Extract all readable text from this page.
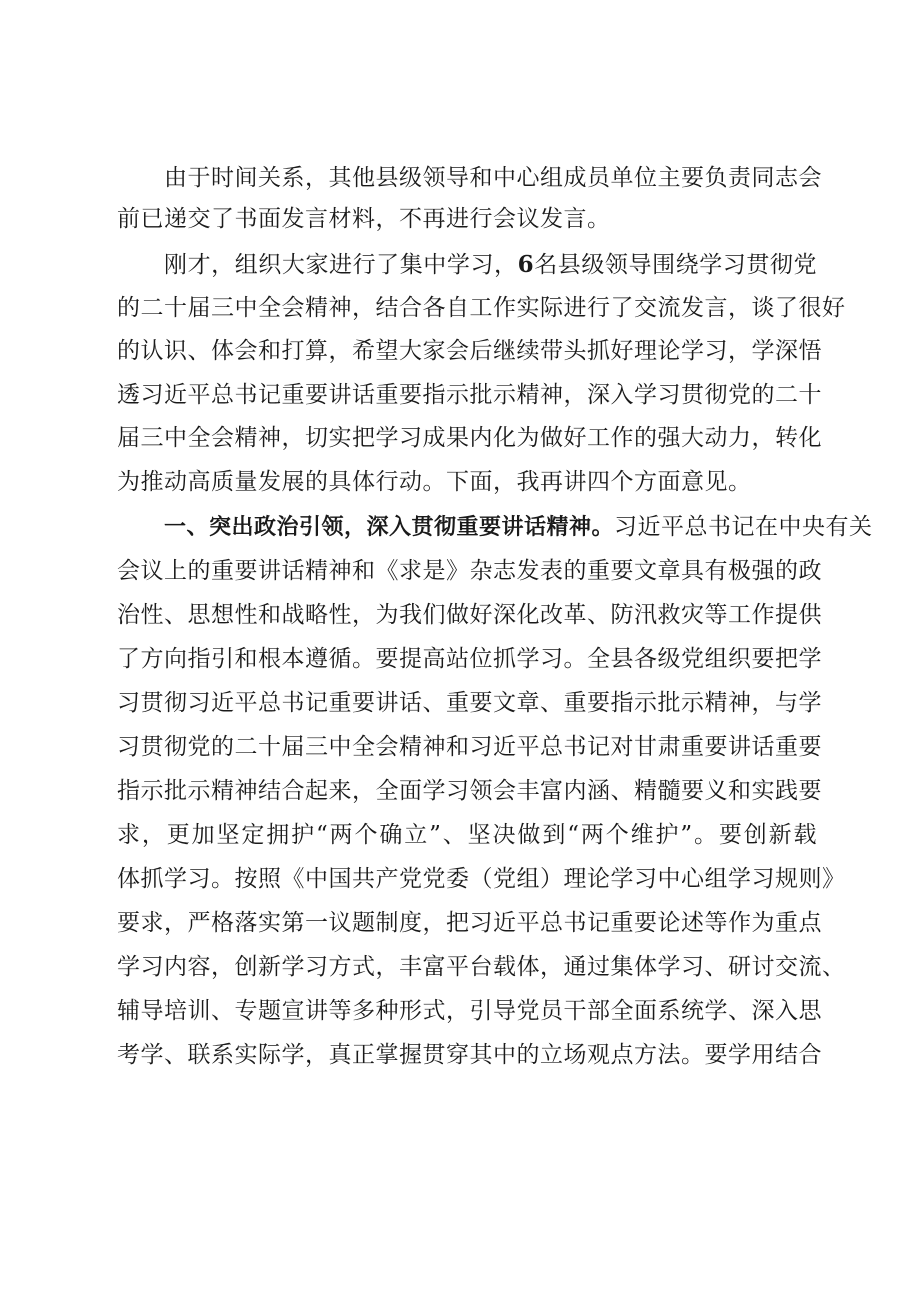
由于时间关系，其他县级领导和中心组成员单位主要负责同志会
前已递交了书面发言材料，不再进行会议发言。
刚才，组织大家进行了集中学习，6名县级领导围绕学习贯彻党
的二十届三中全会精神，结合各自工作实际进行了交流发言，谈了很好
的认识、体会和打算，希望大家会后继续带头抓好理论学习，学深悟
透习近平总书记重要讲话重要指示批示精神，深入学习贯彻党的二十
届三中全会精神，切实把学习成果内化为做好工作的强大动力，转化
为推动高质量发展的具体行动。下面，我再讲四个方面意见。
一、突出政治引领，深入贯彻重要讲话精神。习近平总书记在中央有关
会议上的重要讲话精神和《求是》杂志发表的重要文章具有极强的政
治性、思想性和战略性，为我们做好深化改革、防汛救灾等工作提供
了方向指引和根本遵循。要提高站位抓学习。全县各级党组织要把学
习贯彻习近平总书记重要讲话、重要文章、重要指示批示精神，与学
习贯彻党的二十届三中全会精神和习近平总书记对甘肃重要讲话重要
指示批示精神结合起来，全面学习领会丰富内涵、精髓要义和实践要
求，更加坚定拥护“两个确立”、坚决做到“两个维护”。要创新载
体抓学习。按照《中国共产党党委（党组）理论学习中心组学习规则》
要求，严格落实第一议题制度，把习近平总书记重要论述等作为重点
学习内容，创新学习方式，丰富平台载体，通过集体学习、研讨交流、
辅导培训、专题宣讲等多种形式，引导党员干部全面系统学、深入思
考学、联系实际学，真正掌握贯穿其中的立场观点方法。要学用结合
